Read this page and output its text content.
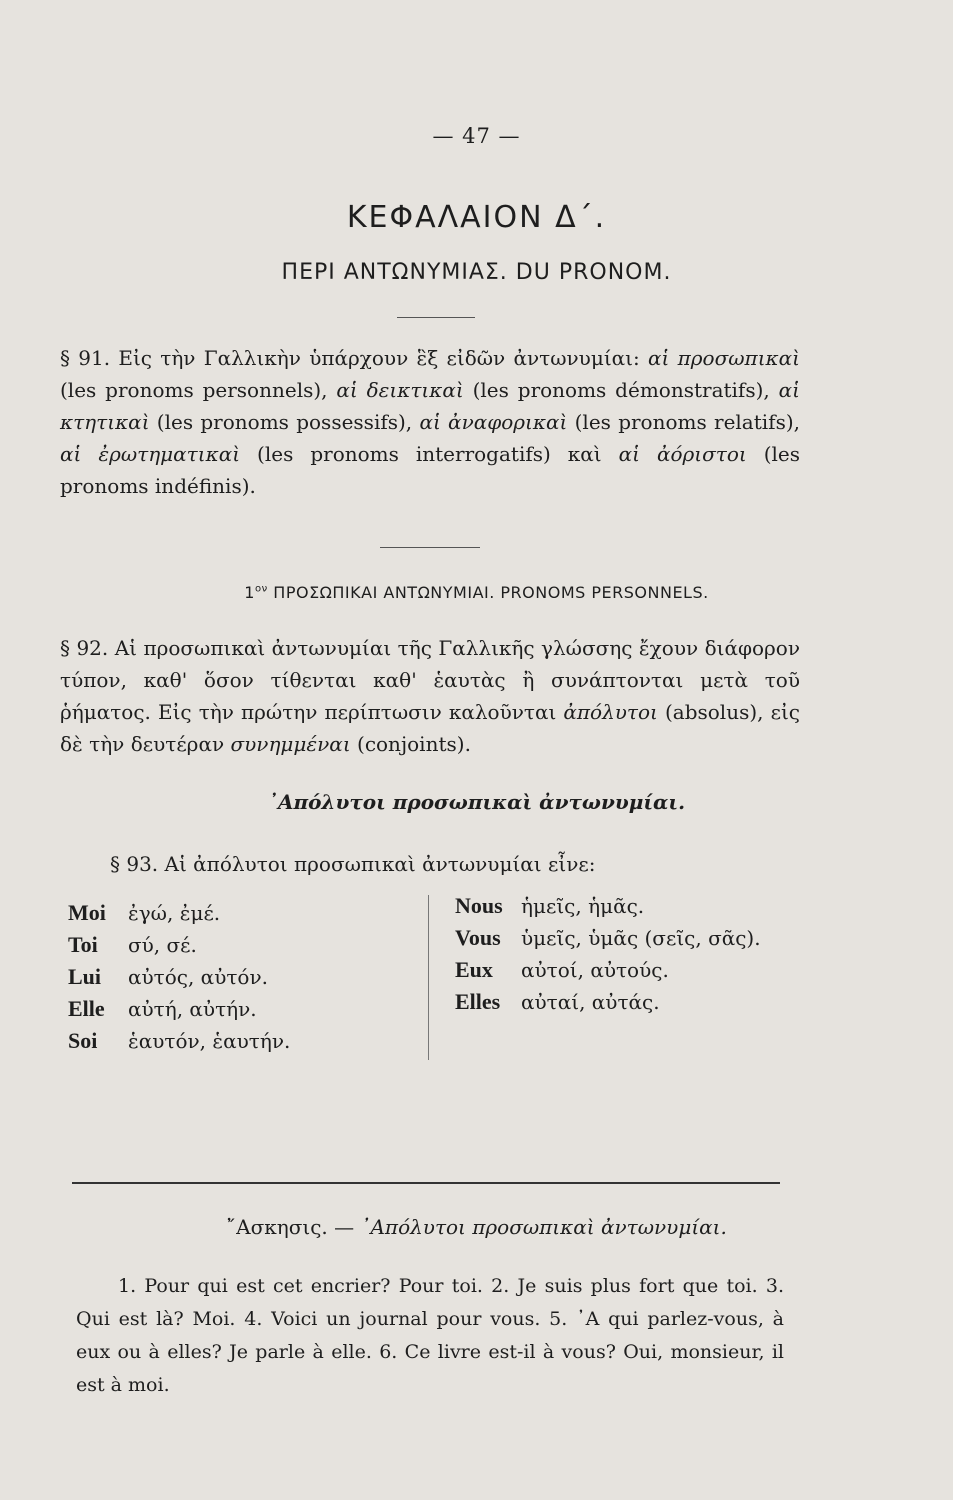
— 47 —
ΚΕΦΑΛΑΙΟΝ Δ΄.
ΠΕΡΙ ΑΝΤΩΝΥΜΙΑΣ. DU PRONOM.
§ 91. Εἰς τὴν Γαλλικὴν ὑπάρχουν ἓξ εἰδῶν ἀντωνυμίαι: αἱ προσωπικαὶ (les pronoms personnels), αἱ δεικτικαὶ (les pronoms démonstratifs), αἱ κτητικαὶ (les pronoms possessifs), αἱ ἀναφορικαὶ (les pronoms relatifs), αἱ ἐρωτηματικαὶ (les pronoms interrogatifs) καὶ αἱ ἀόριστοι (les pronoms indéfinis).
$1^{o\nu}$ ΠΡΟΣΩΠΙΚΑΙ ΑΝΤΩΝΥΜΙΑΙ. PRONOMS PERSONNELS.
§ 92. Αἱ προσωπικαὶ ἀντωνυμίαι τῆς Γαλλικῆς γλώσσης ἔχουν διάφορον τύπον, καθ' ὅσον τίθενται καθ' ἑαυτὰς ἢ συνάπτονται μετὰ τοῦ ῥήματος. Εἰς τὴν πρώτην περίπτωσιν καλοῦνται ἀπόλυτοι (absolus), εἰς δὲ τὴν δευτέραν συνημμέναι (conjoints).
᾿Απόλυτοι προσωπικαὶ ἀντωνυμίαι.
§ 93. Αἱ ἀπόλυτοι προσωπικαὶ ἀντωνυμίαι εἶνε:
Moi ἐγώ, ἐμέ.
Toi σύ, σέ.
Lui αὐτός, αὐτόν.
Elle αὐτή, αὐτήν.
Soi ἑαυτόν, ἑαυτήν.
Nous ἡμεῖς, ἡμᾶς.
Vous ὑμεῖς, ὑμᾶς (σεῖς, σᾶς).
Eux αὐτοί, αὐτούς.
Elles αὐταί, αὐτάς.
῎Ασκησις. — ᾿Απόλυτοι προσωπικαὶ ἀντωνυμίαι.
1. Pour qui est cet encrier? Pour toi. 2. Je suis plus fort que toi. 3. Qui est là? Moi. 4. Voici un journal pour vous. 5. ᾿A qui parlez-vous, à eux ou à elles? Je parle à elle. 6. Ce livre est-il à vous? Oui, monsieur, il est à moi.
